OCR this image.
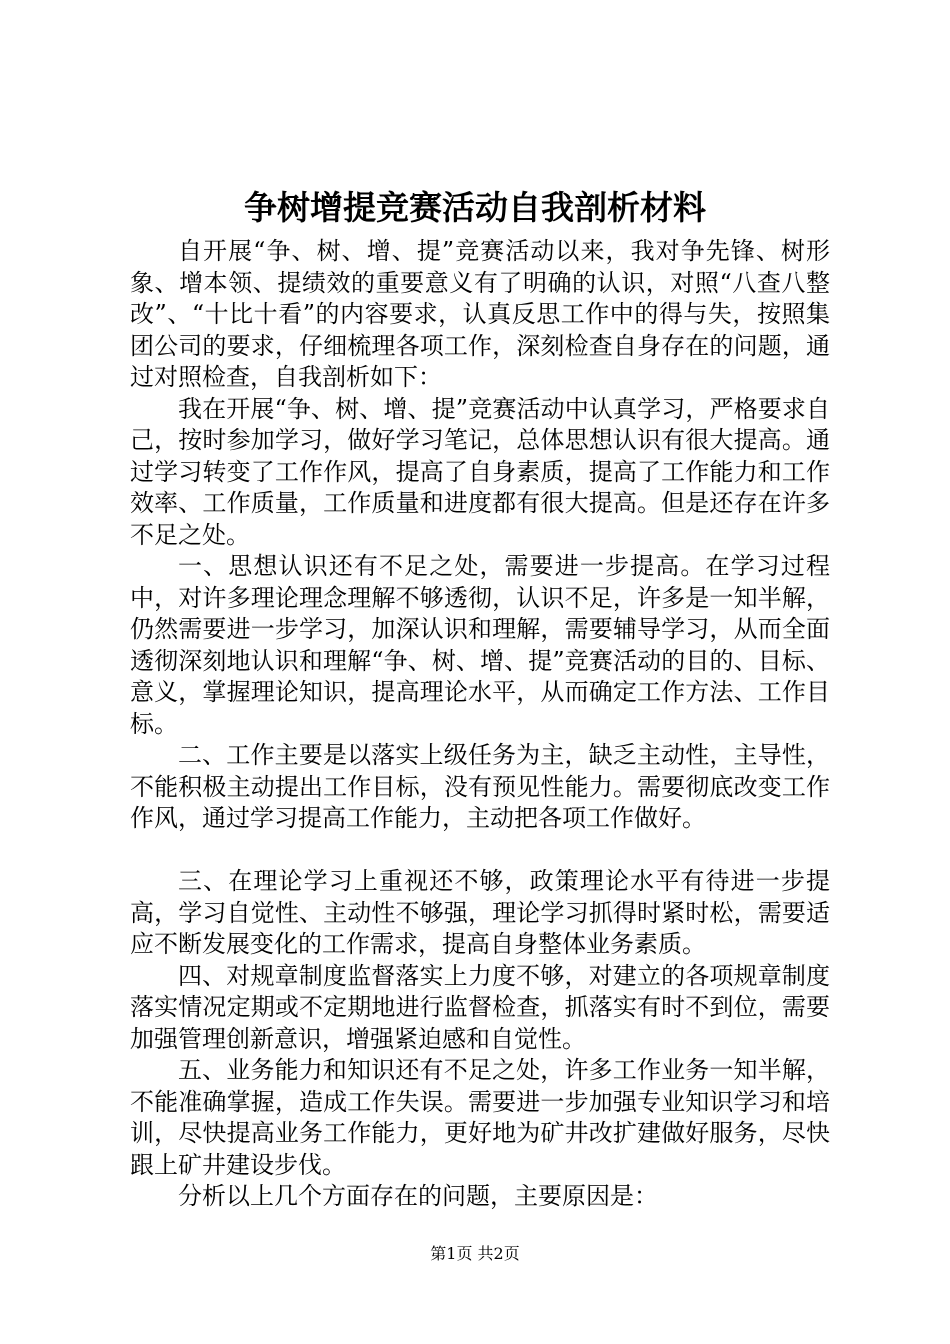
争树增提竞赛活动自我剖析材料

自开展“争、树、增、提”竞赛活动以来，我对争先锋、树形象、增本领、提绩效的重要意义有了明确的认识，对照“八查八整改”、“十比十看”的内容要求，认真反思工作中的得与失，按照集团公司的要求，仔细梳理各项工作，深刻检查自身存在的问题，通过对照检查，自我剖析如下：

我在开展“争、树、增、提”竞赛活动中认真学习，严格要求自己，按时参加学习，做好学习笔记，总体思想认识有很大提高。通过学习转变了工作作风，提高了自身素质，提高了工作能力和工作效率、工作质量，工作质量和进度都有很大提高。但是还存在许多不足之处。

一、思想认识还有不足之处，需要进一步提高。在学习过程中，对许多理论理念理解不够透彻，认识不足，许多是一知半解，仍然需要进一步学习，加深认识和理解，需要辅导学习，从而全面透彻深刻地认识和理解“争、树、增、提”竞赛活动的目的、目标、意义，掌握理论知识，提高理论水平，从而确定工作方法、工作目标。

二、工作主要是以落实上级任务为主，缺乏主动性，主导性，不能积极主动提出工作目标，没有预见性能力。需要彻底改变工作作风，通过学习提高工作能力，主动把各项工作做好。

三、在理论学习上重视还不够，政策理论水平有待进一步提高，学习自觉性、主动性不够强，理论学习抓得时紧时松，需要适应不断发展变化的工作需求，提高自身整体业务素质。

四、对规章制度监督落实上力度不够，对建立的各项规章制度落实情况定期或不定期地进行监督检查，抓落实有时不到位，需要加强管理创新意识，增强紧迫感和自觉性。

五、业务能力和知识还有不足之处，许多工作业务一知半解，不能准确掌握，造成工作失误。需要进一步加强专业知识学习和培训，尽快提高业务工作能力，更好地为矿井改扩建做好服务，尽快跟上矿井建设步伐。

分析以上几个方面存在的问题，主要原因是：

第1页 共2页
